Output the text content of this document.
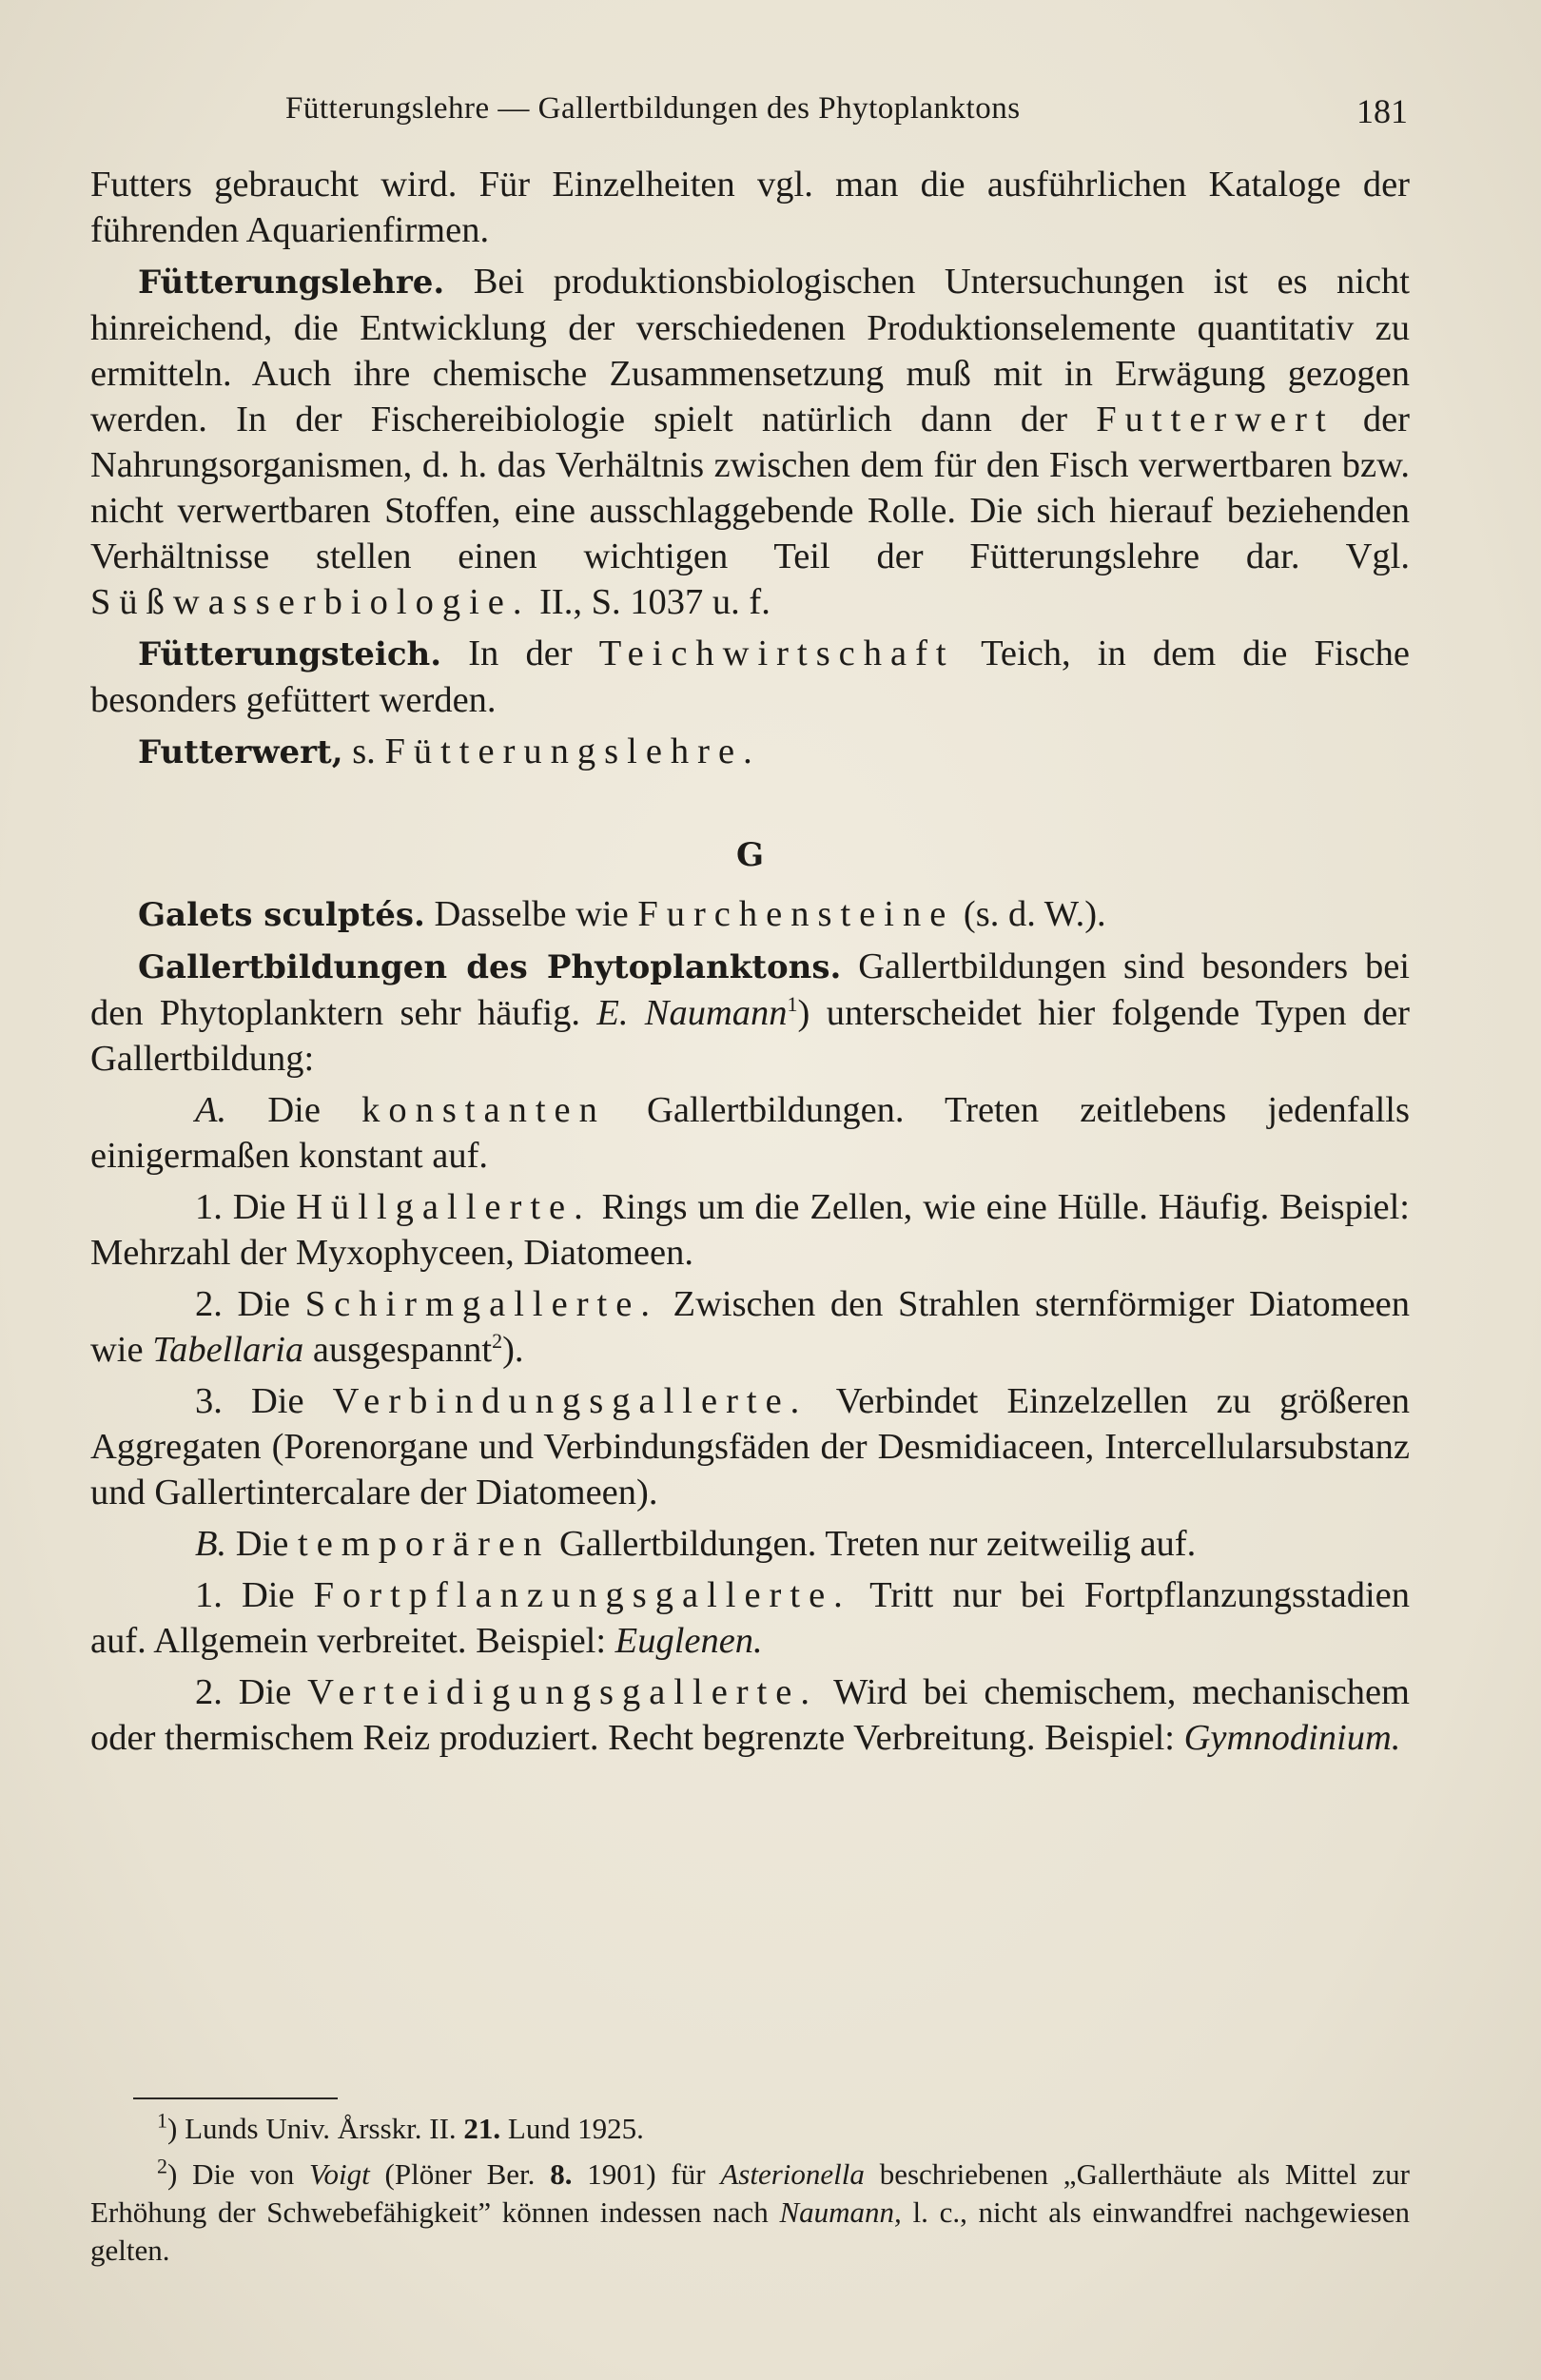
Fütterungslehre — Gallertbildungen des Phytoplanktons	181

Futters gebraucht wird. Für Einzelheiten vgl. man die ausführlichen Kataloge der führenden Aquarienfirmen.

Fütterungslehre. Bei produktionsbiologischen Untersuchungen ist es nicht hinreichend, die Entwicklung der verschiedenen Produktionselemente quantitativ zu ermitteln. Auch ihre chemische Zusammensetzung muß mit in Erwägung gezogen werden. In der Fischereibiologie spielt natürlich dann der Futterwert der Nahrungsorganismen, d. h. das Verhältnis zwischen dem für den Fisch verwertbaren bzw. nicht verwertbaren Stoffen, eine ausschlaggebende Rolle. Die sich hierauf beziehenden Verhältnisse stellen einen wichtigen Teil der Fütterungslehre dar. Vgl. Süßwasserbiologie. II., S. 1037 u. f.

Fütterungsteich. In der Teichwirtschaft Teich, in dem die Fische besonders gefüttert werden.

Futterwert, s. Fütterungslehre.

G

Galets sculptés. Dasselbe wie Furchensteine (s. d. W.).

Gallertbildungen des Phytoplanktons. Gallertbildungen sind besonders bei den Phytoplanktern sehr häufig. E. Naumann$^1$) unterscheidet hier folgende Typen der Gallertbildung:

A. Die konstanten Gallertbildungen. Treten zeitlebens jedenfalls einigermaßen konstant auf.

1. Die Hüllgallerte. Rings um die Zellen, wie eine Hülle. Häufig. Beispiel: Mehrzahl der Myxophyceen, Diatomeen.

2. Die Schirmgallerte. Zwischen den Strahlen sternförmiger Diatomeen wie Tabellaria ausgespannt$^2$).

3. Die Verbindungsgallerte. Verbindet Einzelzellen zu größeren Aggregaten (Porenorgane und Verbindungsfäden der Desmidiaceen, Intercellularsubstanz und Gallertintercalare der Diatomeen).

B. Die temporären Gallertbildungen. Treten nur zeitweilig auf.

1. Die Fortpflanzungsgallerte. Tritt nur bei Fortpflanzungsstadien auf. Allgemein verbreitet. Beispiel: Euglenen.

2. Die Verteidigungsgallerte. Wird bei chemischem, mechanischem oder thermischem Reiz produziert. Recht begrenzte Verbreitung. Beispiel: Gymnodinium.

$^1$) Lunds Univ. Årsskr. II. 21. Lund 1925.

$^2$) Die von Voigt (Plöner Ber. 8. 1901) für Asterionella beschriebenen „Gallerthäute als Mittel zur Erhöhung der Schwebefähigkeit” können indessen nach Naumann, l. c., nicht als einwandfrei nachgewiesen gelten.
